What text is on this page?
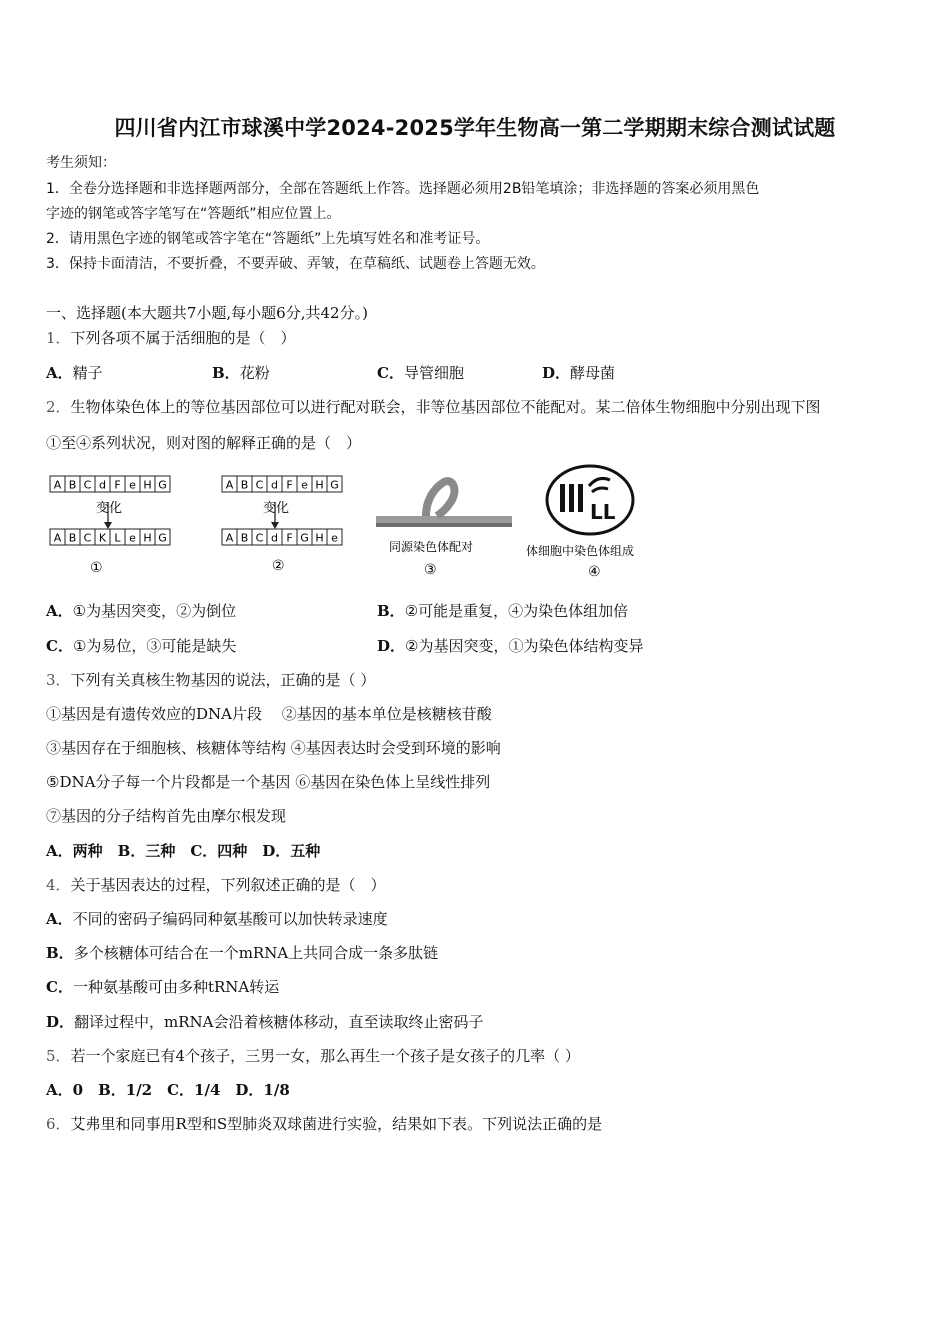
四川省内江市球溪中学2024-2025学年生物高一第二学期期末综合测试试题
考生须知：
1．全卷分选择题和非选择题两部分，全部在答题纸上作答。选择题必须用2B铅笔填涂；非选择题的答案必须用黑色
字迹的钢笔或答字笔写在“答题纸”相应位置上。
2．请用黑色字迹的钢笔或答字笔在“答题纸”上先填写姓名和准考证号。
3．保持卡面清洁，不要折叠，不要弄破、弄皱，在草稿纸、试题卷上答题无效。
一、选择题(本大题共7小题,每小题6分,共42分。)
1．下列各项不属于活细胞的是（　）
A．精子	B．花粉	C．导管细胞	D．酵母菌
2．生物体染色体上的等位基因部位可以进行配对联会，非等位基因部位不能配对。某二倍体生物细胞中分别出现下图
①至④系列状况，则对图的解释正确的是（　）
A B C d F e H G
变化
A B C K L e H G
①
A B C d F e H G
变化
A B C d F G H e
②
同源染色体配对
③
LL
体细胞中染色体组成
④
A．①为基因突变，②为倒位	B．②可能是重复，④为染色体组加倍
C．①为易位，③可能是缺失	D．②为基因突变，①为染色体结构变异
3．下列有关真核生物基因的说法，正确的是（ ）
①基因是有遗传效应的DNA片段　 ②基因的基本单位是核糖核苷酸
③基因存在于细胞核、核糖体等结构 ④基因表达时会受到环境的影响
⑤DNA分子每一个片段都是一个基因 ⑥基因在染色体上呈线性排列
⑦基因的分子结构首先由摩尔根发现
A．两种　B．三种　C．四种　D．五种
4．关于基因表达的过程，下列叙述正确的是（　）
A．不同的密码子编码同种氨基酸可以加快转录速度
B．多个核糖体可结合在一个mRNA上共同合成一条多肽链
C．一种氨基酸可由多种tRNA转运
D．翻译过程中，mRNA会沿着核糖体移动，直至读取终止密码子
5．若一个家庭已有4个孩子，三男一女，那么再生一个孩子是女孩子的几率（ ）
A．0　B．1/2　C．1/4　D．1/8
6．艾弗里和同事用R型和S型肺炎双球菌进行实验，结果如下表。下列说法正确的是
